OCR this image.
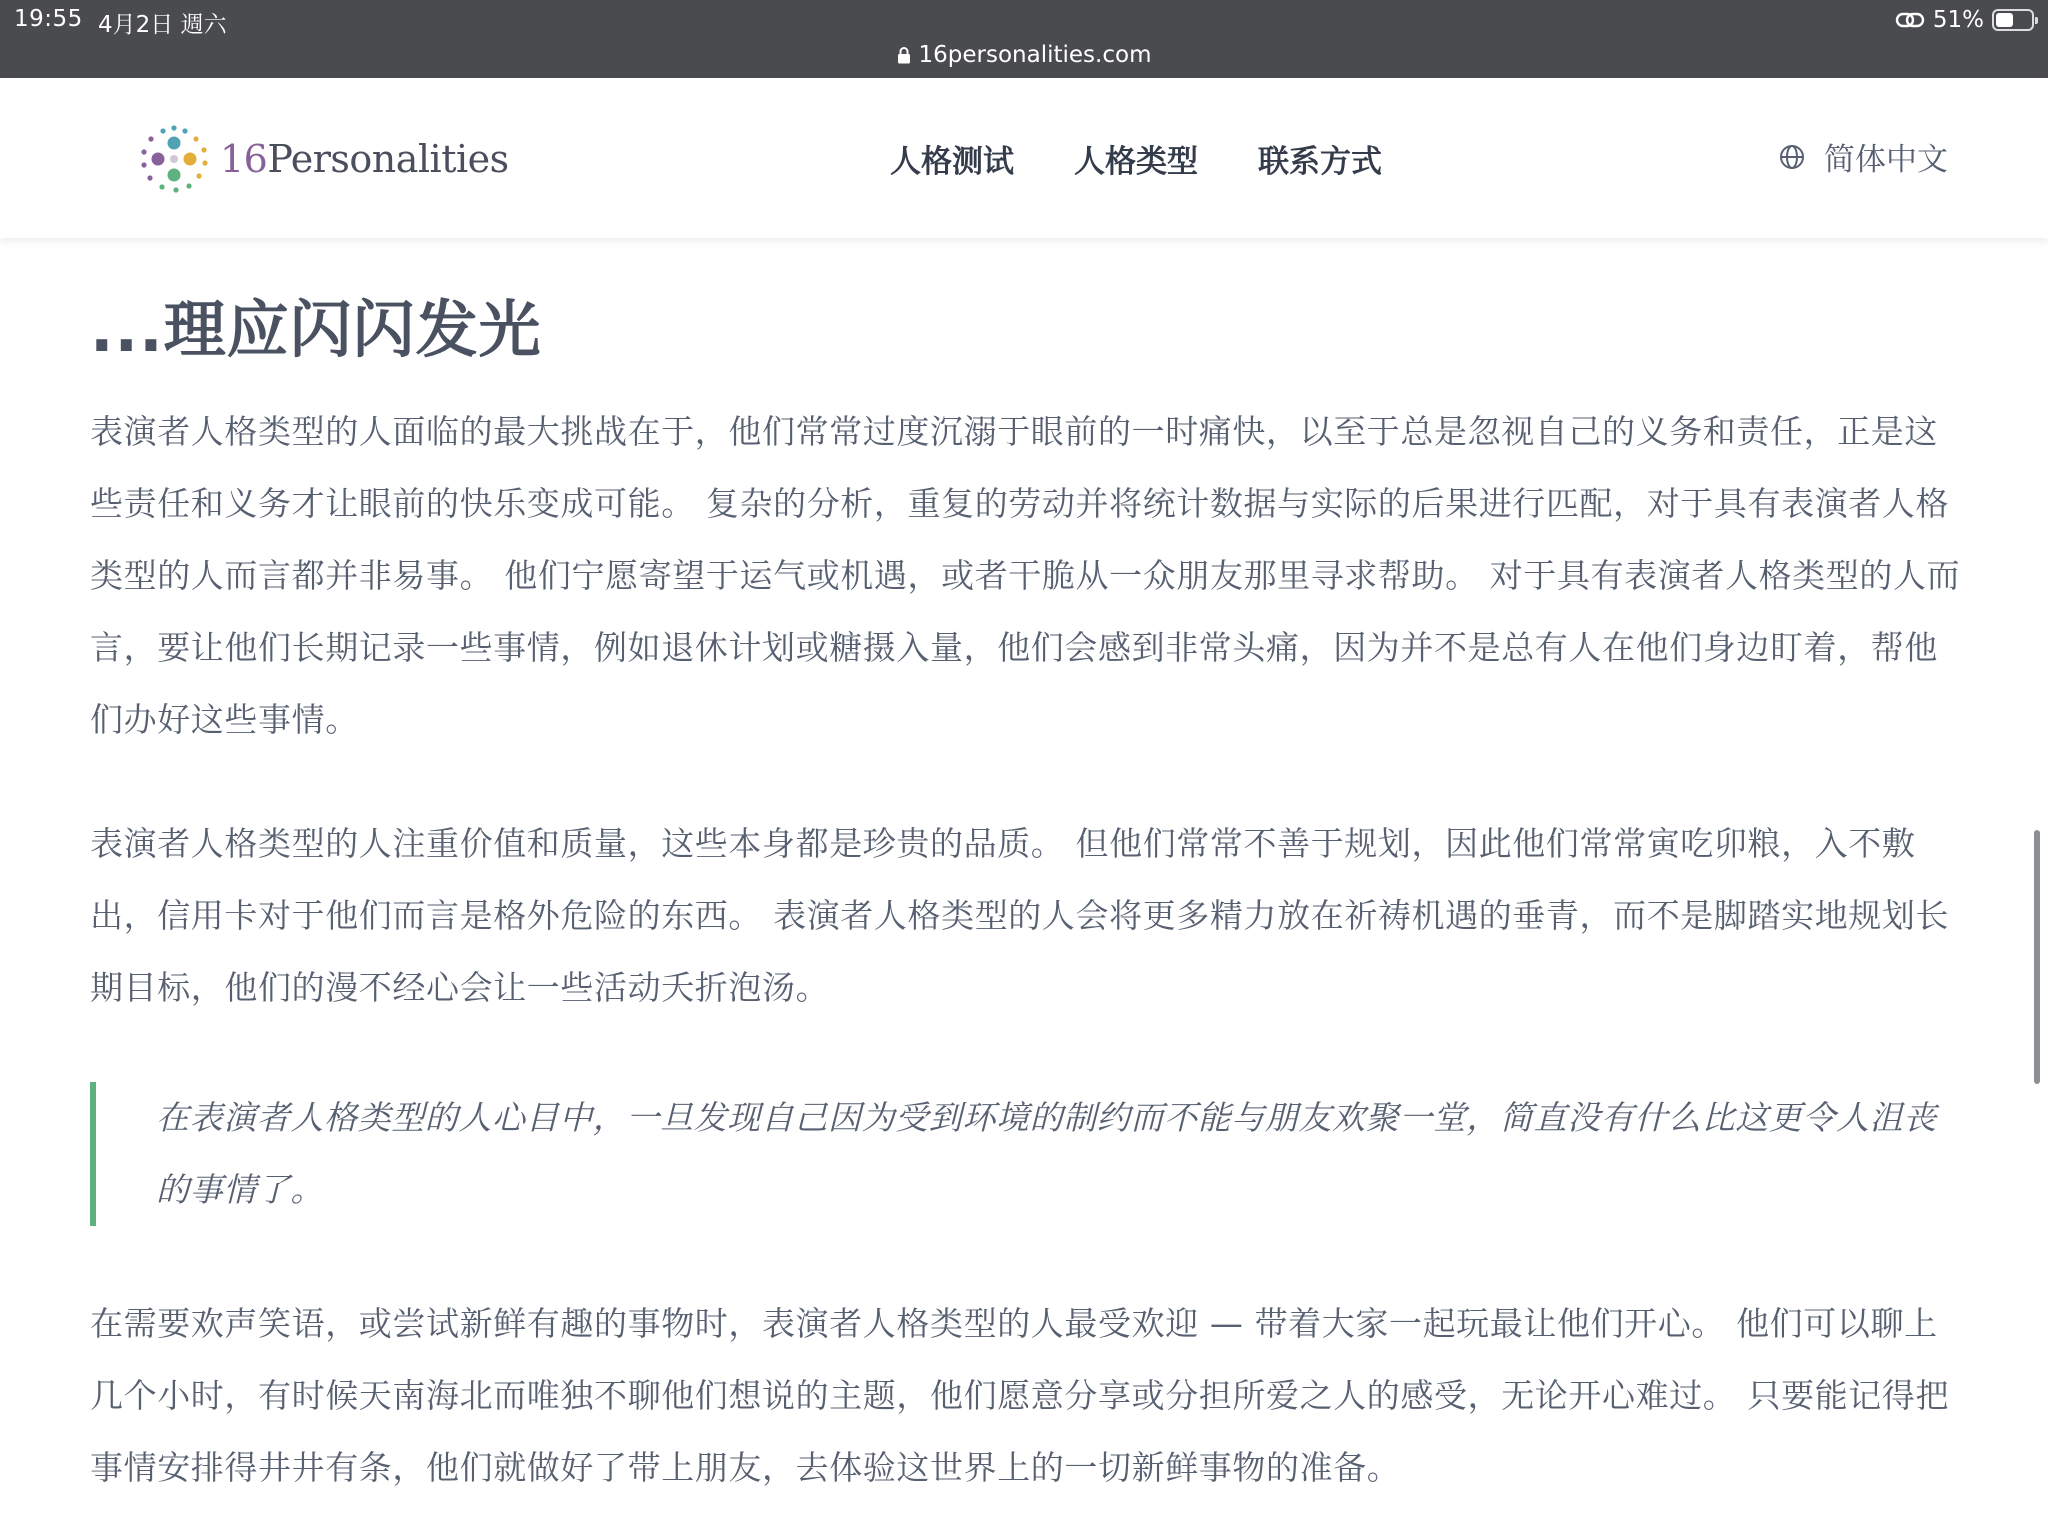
19:55 4月2日 週六	51%
16personalities.com
16Personalities	人格测试 人格类型 联系方式	简体中文
...理应闪闪发光

表演者人格类型的人面临的最大挑战在于，他们常常过度沉溺于眼前的一时痛快，以至于总是忽视自己的义务和责任，正是这些责任和义务才让眼前的快乐变成可能。 复杂的分析，重复的劳动并将统计数据与实际的后果进行匹配，对于具有表演者人格类型的人而言都并非易事。 他们宁愿寄望于运气或机遇，或者干脆从一众朋友那里寻求帮助。 对于具有表演者人格类型的人而言，要让他们长期记录一些事情，例如退休计划或糖摄入量，他们会感到非常头痛，因为并不是总有人在他们身边盯着，帮他们办好这些事情。

表演者人格类型的人注重价值和质量，这些本身都是珍贵的品质。 但他们常常不善于规划，因此他们常常寅吃卯粮，入不敷出，信用卡对于他们而言是格外危险的东西。 表演者人格类型的人会将更多精力放在祈祷机遇的垂青，而不是脚踏实地规划长期目标，他们的漫不经心会让一些活动夭折泡汤。

在表演者人格类型的人心目中，一旦发现自己因为受到环境的制约而不能与朋友欢聚一堂，简直没有什么比这更令人沮丧的事情了。

在需要欢声笑语，或尝试新鲜有趣的事物时，表演者人格类型的人最受欢迎 — 带着大家一起玩最让他们开心。 他们可以聊上几个小时，有时候天南海北而唯独不聊他们想说的主题，他们愿意分享或分担所爱之人的感受，无论开心难过。 只要能记得把事情安排得井井有条，他们就做好了带上朋友，去体验这世界上的一切新鲜事物的准备。
